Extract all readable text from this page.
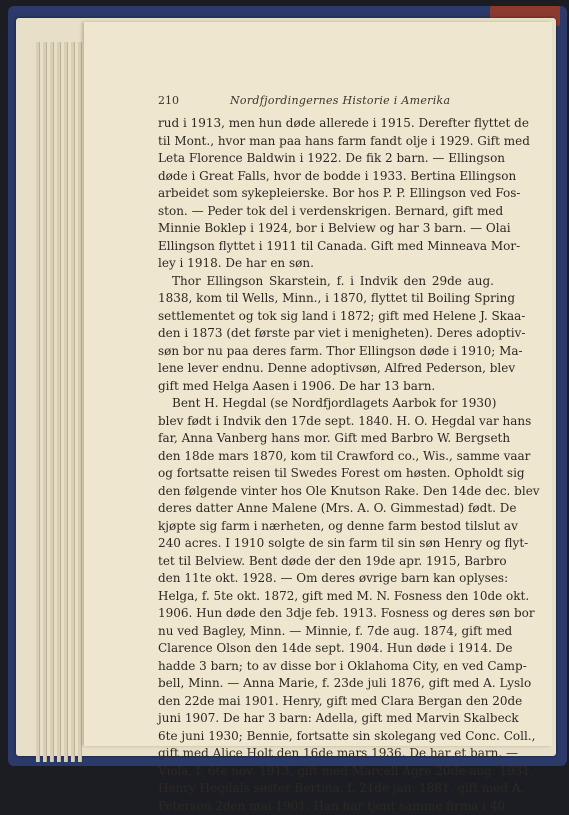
210	Nordfjordingernes Historie i Amerika
rud i 1913, men hun døde allerede i 1915. Derefter flyttet de
til Mont., hvor man paa hans farm fandt olje i 1929. Gift med
Leta Florence Baldwin i 1922. De fik 2 barn. — Ellingson
døde i Great Falls, hvor de bodde i 1933. Bertina Ellingson
arbeidet som sykepleierske. Bor hos P. P. Ellingson ved Fos-
ston. — Peder tok del i verdenskrigen. Bernard, gift med
Minnie Boklep i 1924, bor i Belview og har 3 barn. — Olai
Ellingson flyttet i 1911 til Canada. Gift med Minneava Mor-
ley i 1918. De har en søn.
Thor Ellingson Skarstein, f. i Indvik den 29de aug.
1838, kom til Wells, Minn., i 1870, flyttet til Boiling Spring
settlementet og tok sig land i 1872; gift med Helene J. Skaa-
den i 1873 (det første par viet i menigheten). Deres adoptiv-
søn bor nu paa deres farm. Thor Ellingson døde i 1910; Ma-
lene lever endnu. Denne adoptivsøn, Alfred Pederson, blev
gift med Helga Aasen i 1906. De har 13 barn.
Bent H. Hegdal (se Nordfjordlagets Aarbok for 1930)
blev født i Indvik den 17de sept. 1840. H. O. Hegdal var hans
far, Anna Vanberg hans mor. Gift med Barbro W. Bergseth
den 18de mars 1870, kom til Crawford co., Wis., samme vaar
og fortsatte reisen til Swedes Forest om høsten. Opholdt sig
den følgende vinter hos Ole Knutson Rake. Den 14de dec. blev
deres datter Anne Malene (Mrs. A. O. Gimmestad) født. De
kjøpte sig farm i nærheten, og denne farm bestod tilslut av
240 acres. I 1910 solgte de sin farm til sin søn Henry og flyt-
tet til Belview. Bent døde der den 19de apr. 1915, Barbro
den 11te okt. 1928. — Om deres øvrige barn kan oplyses:
Helga, f. 5te okt. 1872, gift med M. N. Fosness den 10de okt.
1906. Hun døde den 3dje feb. 1913. Fosness og deres søn bor
nu ved Bagley, Minn. — Minnie, f. 7de aug. 1874, gift med
Clarence Olson den 14de sept. 1904. Hun døde i 1914. De
hadde 3 barn; to av disse bor i Oklahoma City, en ved Camp-
bell, Minn. — Anna Marie, f. 23de juli 1876, gift med A. Lyslo
den 22de mai 1901. Henry, gift med Clara Bergan den 20de
juni 1907. De har 3 barn: Adella, gift med Marvin Skalbeck
6te juni 1930; Bennie, fortsatte sin skolegang ved Conc. Coll.,
gift med Alice Holt den 16de mars 1936. De har et barn. —
Viola, f. 6te nov. 1913, gift med Marcell Agre 20de aug. 1931.
Henry Hegdals søster Bertina, f. 21de jan. 1881, gift med A.
Peterson 2den mai 1901. Han har tjent samme firma i 40
